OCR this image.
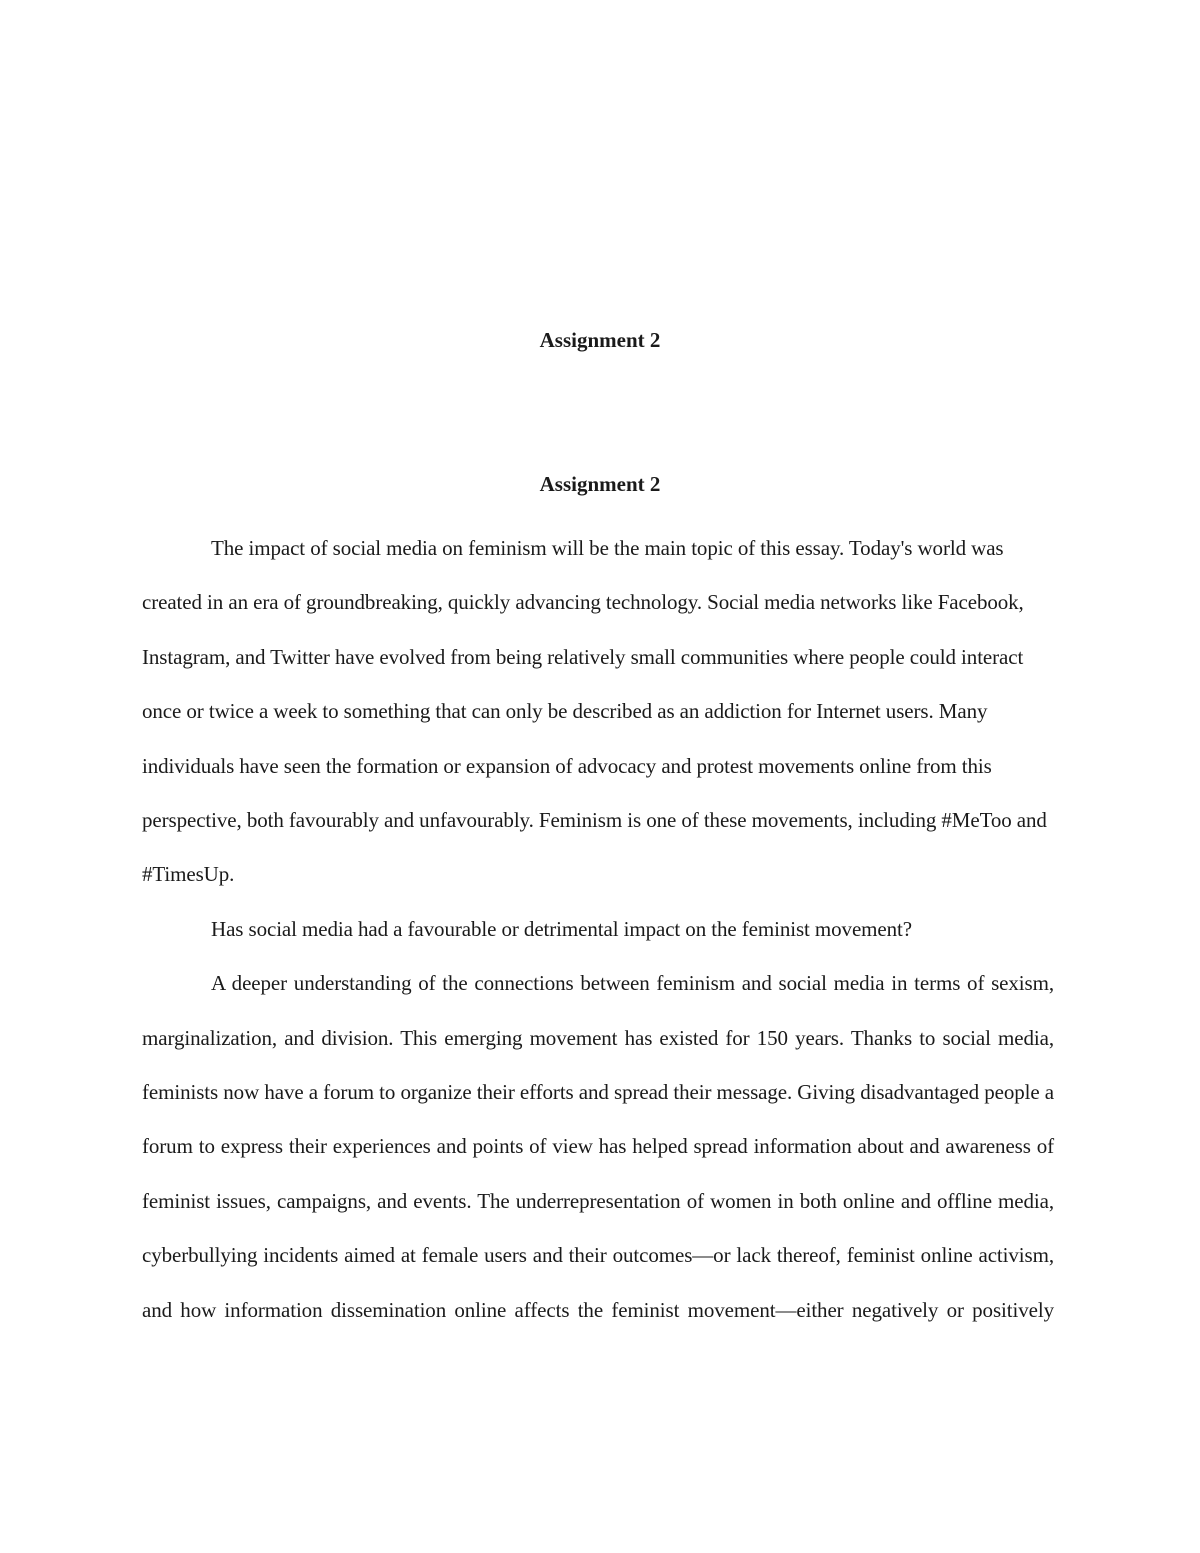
Assignment 2
Assignment 2

The impact of social media on feminism will be the main topic of this essay. Today's world was created in an era of groundbreaking, quickly advancing technology. Social media networks like Facebook, Instagram, and Twitter have evolved from being relatively small communities where people could interact once or twice a week to something that can only be described as an addiction for Internet users. Many individuals have seen the formation or expansion of advocacy and protest movements online from this perspective, both favourably and unfavourably. Feminism is one of these movements, including #MeToo and #TimesUp.

Has social media had a favourable or detrimental impact on the feminist movement?

A deeper understanding of the connections between feminism and social media in terms of sexism, marginalization, and division. This emerging movement has existed for 150 years. Thanks to social media, feminists now have a forum to organize their efforts and spread their message. Giving disadvantaged people a forum to express their experiences and points of view has helped spread information about and awareness of feminist issues, campaigns, and events. The underrepresentation of women in both online and offline media, cyberbullying incidents aimed at female users and their outcomes—or lack thereof, feminist online activism, and how information dissemination online affects the feminist movement—either negatively or positively
